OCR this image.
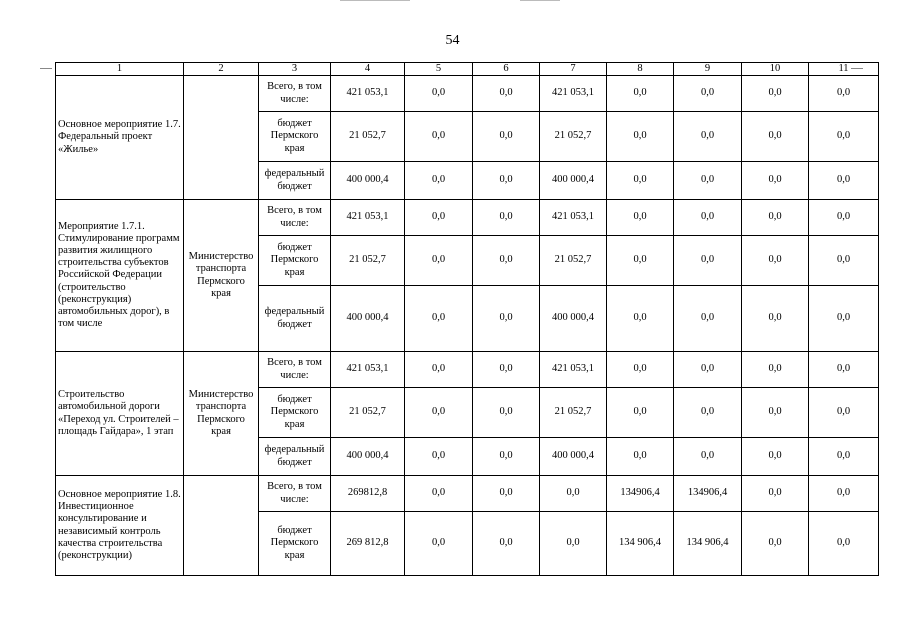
54
1	2	3	4	5	6	7	8	9	10	11
Основное мероприятие 1.7. Федеральный проект «Жилье»		Всего, в том числе:	421 053,1	0,0	0,0	421 053,1	0,0	0,0	0,0	0,0
		бюджет Пермского края	21 052,7	0,0	0,0	21 052,7	0,0	0,0	0,0	0,0
		федеральный бюджет	400 000,4	0,0	0,0	400 000,4	0,0	0,0	0,0	0,0
Мероприятие 1.7.1. Стимулирование программ развития жилищного строительства субъектов Российской Федерации (строительство (реконструкция) автомобильных дорог), в том числе	Министерство транспорта Пермского края	Всего, в том числе:	421 053,1	0,0	0,0	421 053,1	0,0	0,0	0,0	0,0
		бюджет Пермского края	21 052,7	0,0	0,0	21 052,7	0,0	0,0	0,0	0,0
		федеральный бюджет	400 000,4	0,0	0,0	400 000,4	0,0	0,0	0,0	0,0
Строительство автомобильной дороги «Переход ул. Строителей – площадь Гайдара», 1 этап	Министерство транспорта Пермского края	Всего, в том числе:	421 053,1	0,0	0,0	421 053,1	0,0	0,0	0,0	0,0
		бюджет Пермского края	21 052,7	0,0	0,0	21 052,7	0,0	0,0	0,0	0,0
		федеральный бюджет	400 000,4	0,0	0,0	400 000,4	0,0	0,0	0,0	0,0
Основное мероприятие 1.8. Инвестиционное консультирование и независимый контроль качества строительства (реконструкции)		Всего, в том числе:	269812,8	0,0	0,0	0,0	134906,4	134906,4	0,0	0,0
		бюджет Пермского края	269 812,8	0,0	0,0	0,0	134 906,4	134 906,4	0,0	0,0
